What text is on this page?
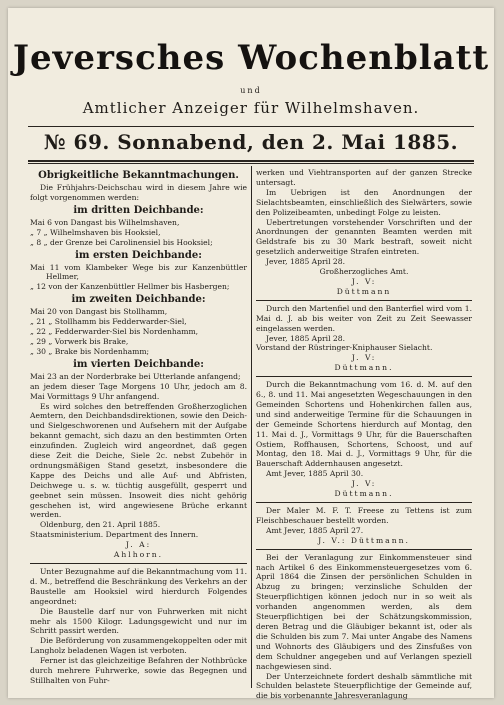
Jeversches Wochenblatt
und
Amtlicher Anzeiger für Wilhelmshaven.
№ 69. Sonnabend, den 2. Mai 1885.

Obrigkeitliche Bekanntmachungen.

Die Frühjahrs-Deichschau wird in diesem Jahre wie folgt vorgenommen werden:

im dritten Deichbande:

Mai 6 von Dangast bis Wilhelmshaven,

„ 7 „ Wilhelmshaven bis Hooksiel,

„ 8 „ der Grenze bei Carolinensiel bis Hooksiel;

im ersten Deichbande:

Mai 11 vom Klambeker Wege bis zur Kanzenbüttler Hellmer,

„ 12 von der Kanzenbüttler Hellmer bis Hasbergen;

im zweiten Deichbande:

Mai 20 von Dangast bis Stollhamm,

„ 21 „ Stollhamm bis Fedderwarder-Siel,

„ 22 „ Fedderwarder-Siel bis Nordenhamm,

„ 29 „ Vorwerk bis Brake,

„ 30 „ Brake bis Nordenhamm;

im vierten Deichbande:

Mai 23 an der Norderbrake bei Utterlande anfangend;

an jedem dieser Tage Morgens 10 Uhr, jedoch am 8. Mai Vormittags 9 Uhr anfangend.

Es wird solches den betreffenden Großherzoglichen Aemtern, den Deichbandsdirektionen, sowie den Deich- und Sielgeschworenen und Aufsehern mit der Aufgabe bekannt gemacht, sich dazu an den bestimmten Orten einzufinden. Zugleich wird angeordnet, daß gegen diese Zeit die Deiche, Siele 2c. nebst Zubehör in ordnungsmäßigen Stand gesetzt, insbesondere die Kappe des Deichs und alle Auf- und Abfristen, Deichwege u. s. w. tüchtig ausgefüllt, gesperrt und geebnet sein müssen. Insoweit dies nicht gehörig geschehen ist, wird angewiesene Brüche erkannt werden.

Oldenburg, den 21. April 1885.

Staatsministerium. Department des Innern.

J. A:

Ahlhorn.

Unter Bezugnahme auf die Bekanntmachung vom 11. d. M., betreffend die Beschränkung des Verkehrs an der Baustelle am Hooksiel wird hierdurch Folgendes angeordnet:

Die Baustelle darf nur von Fuhrwerken mit nicht mehr als 1500 Kilogr. Ladungsgewicht und nur im Schritt passirt werden.

Die Beförderung von zusammengekoppelten oder mit Langholz beladenen Wagen ist verboten.

Ferner ist das gleichzeitige Befahren der Nothbrücke durch mehrere Fuhrwerke, sowie das Begegnen und Stillhalten von Fuhr-

werken und Viehtransporten auf der ganzen Strecke untersagt.

Im Uebrigen ist den Anordnungen der Sielachtsbeamten, einschließlich des Sielwärters, sowie den Polizeibeamten, unbedingt Folge zu leisten.

Uebertretungen vorstehender Vorschriften und der Anordnungen der genannten Beamten werden mit Geldstrafe bis zu 30 Mark bestraft, soweit nicht gesetzlich anderweitige Strafen eintreten.

Jever, 1885 April 28.

Großherzogliches Amt.

J. V:

Düttmann

Durch den Martenfiel und den Banterfiel wird vom 1. Mai d. J. ab bis weiter von Zeit zu Zeit Seewasser eingelassen werden.

Jever, 1885 April 28.

Vorstand der Rüstringer-Kniphauser Sielacht.

J. V:

Düttmann.

Durch die Bekanntmachung vom 16. d. M. auf den 6., 8. und 11. Mai angesetzten Wegeschauungen in den Gemeinden Schortens und Hohenkirchen fallen aus, und sind anderweitige Termine für die Schauungen in der Gemeinde Schortens hierdurch auf Montag, den 11. Mai d. J., Vormittags 9 Uhr, für die Bauerschaften Ostiem, Roffhausen, Schortens, Schoost, und auf Montag, den 18. Mai d. J., Vormittags 9 Uhr, für die Bauerschaft Addernhausen angesetzt.

Amt Jever, 1885 April 30.

J. V:

Düttmann.

Der Maler M. F. T. Freese zu Tettens ist zum Fleischbeschauer bestellt worden.

Amt Jever, 1885 April 27.

J. V.: Düttmann.

Bei der Veranlagung zur Einkommensteuer sind nach Artikel 6 des Einkommensteuergesetzes vom 6. April 1864 die Zinsen der persönlichen Schulden in Abzug zu bringen; verzinsliche Schulden der Steuerpflichtigen können jedoch nur in so weit als vorhanden angenommen werden, als dem Steuerpflichtigen bei der Schätzungskommission, deren Betrag und die Gläubiger bekannt ist, oder als die Schulden bis zum 7. Mai unter Angabe des Namens und Wohnorts des Gläubigers und des Zinsfußes von dem Schuldner angegeben und auf Verlangen speziell nachgewiesen sind.

Der Unterzeichnete fordert deshalb sämmtliche mit Schulden belastete Steuerpflichtige der Gemeinde auf, die bis vorbenannte Jahresveranlagung
